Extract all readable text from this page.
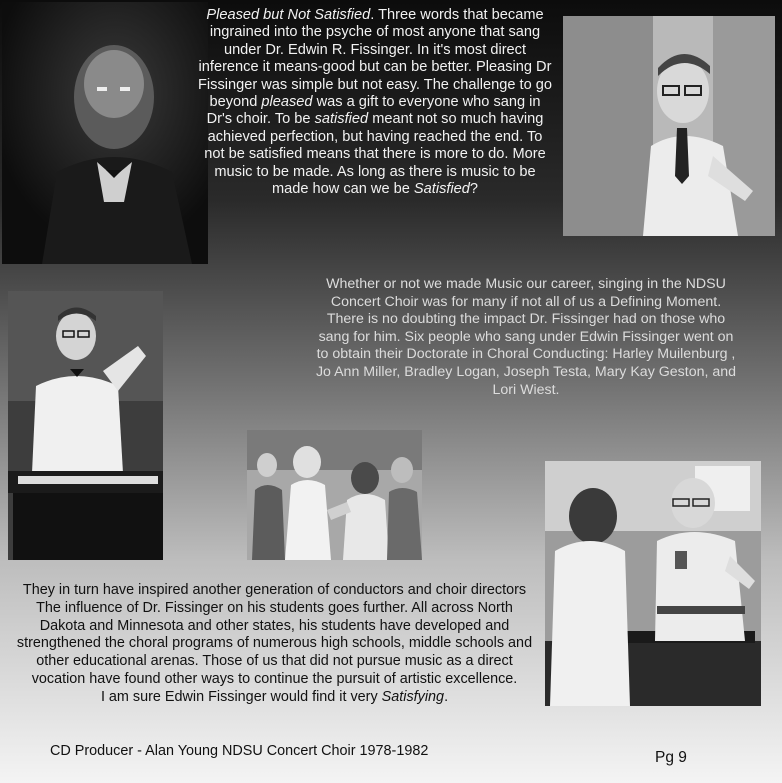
Pleased but Not Satisfied. Three words that became ingrained into the psyche of most anyone that sang under Dr. Edwin R. Fissinger. In it's most direct inference it means-good but can be better. Pleasing Dr Fissinger was simple but not easy. The challenge to go beyond pleased was a gift to everyone who sang in Dr's choir. To be satisfied meant not so much having achieved perfection, but having reached the end. To not be satisfied means that there is more to do. More music to be made. As long as there is music to be made how can we be Satisfied?
Whether or not we made Music our career, singing in the NDSU Concert Choir was for many if not all of us a Defining Moment. There is no doubting the impact Dr. Fissinger had on those who sang for him. Six people who sang under Edwin Fissinger went on to obtain their Doctorate in Choral Conducting: Harley Muilenburg , Jo Ann Miller, Bradley Logan, Joseph Testa, Mary Kay Geston, and Lori Wiest.
They in turn have inspired another generation of conductors and choir directors The influence of Dr. Fissinger on his students goes further. All across North Dakota and Minnesota and other states, his students have developed and strengthened the choral programs of numerous high schools, middle schools and other educational arenas. Those of us that did not pursue music as a direct vocation have found other ways to continue the pursuit of artistic excellence.
I am sure Edwin Fissinger would find it very Satisfying.
CD Producer - Alan Young NDSU Concert Choir 1978-1982	Pg 9
